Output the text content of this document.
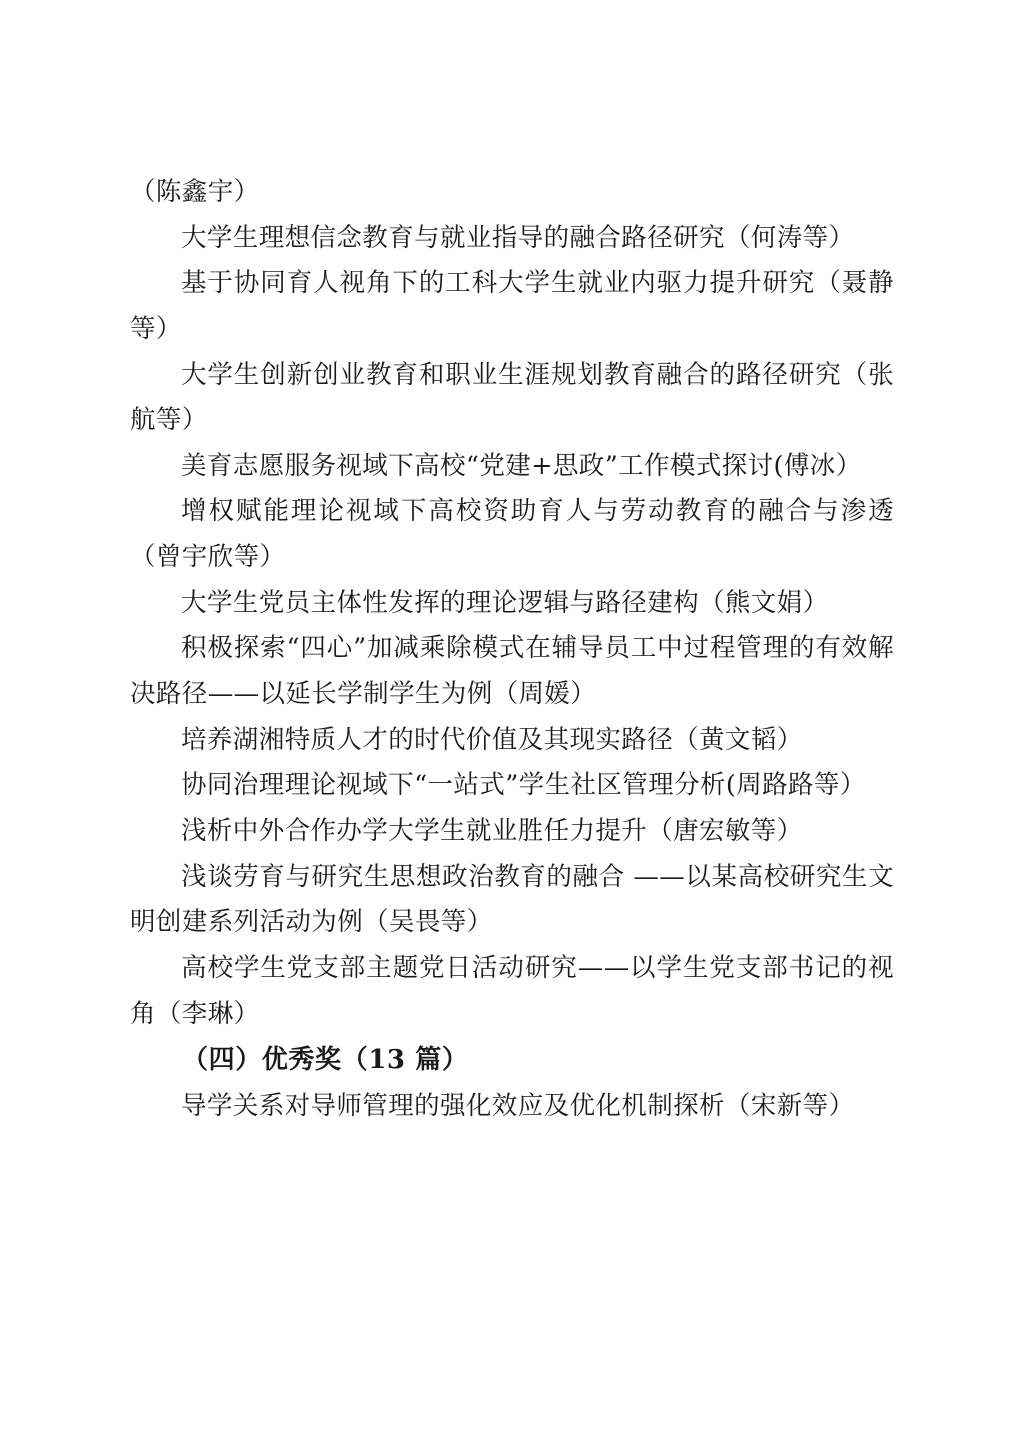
（陈鑫宇）

大学生理想信念教育与就业指导的融合路径研究（何涛等）

基于协同育人视角下的工科大学生就业内驱力提升研究（聂静等）

大学生创新创业教育和职业生涯规划教育融合的路径研究（张航等）

美育志愿服务视域下高校“党建+思政”工作模式探讨(傅冰）

增权赋能理论视域下高校资助育人与劳动教育的融合与渗透（曾宇欣等）

大学生党员主体性发挥的理论逻辑与路径建构（熊文娟）

积极探索“四心”加减乘除模式在辅导员工中过程管理的有效解决路径——以延长学制学生为例（周媛）

培养湖湘特质人才的时代价值及其现实路径（黄文韬）

协同治理理论视域下“一站式”学生社区管理分析(周路路等）

浅析中外合作办学大学生就业胜任力提升（唐宏敏等）

浅谈劳育与研究生思想政治教育的融合 ——以某高校研究生文明创建系列活动为例（吴畏等）

高校学生党支部主题党日活动研究——以学生党支部书记的视角（李琳）

（四）优秀奖（13 篇）

导学关系对导师管理的强化效应及优化机制探析（宋新等）
